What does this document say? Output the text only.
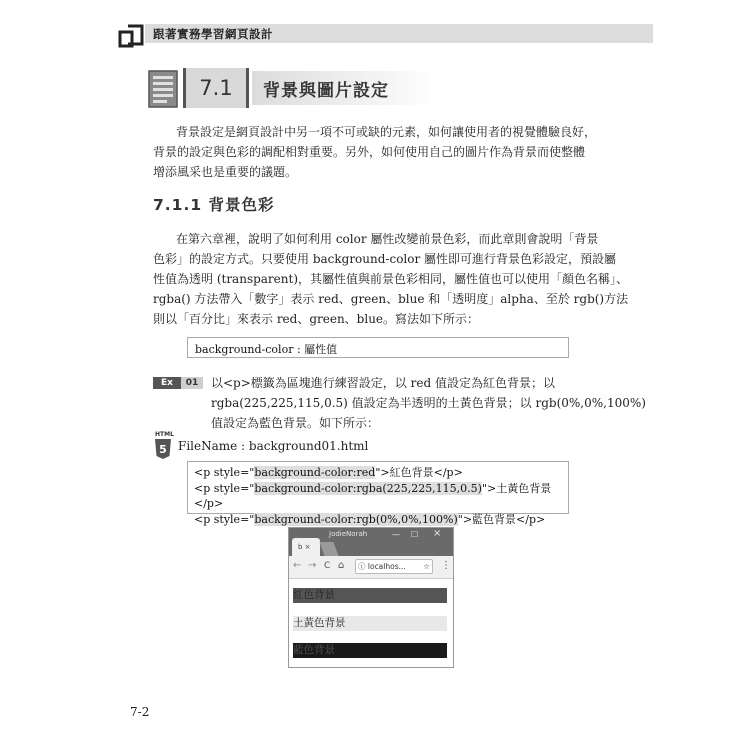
跟著實務學習網頁設計
7.1	背景與圖片設定
背景設定是網頁設計中另一項不可或缺的元素，如何讓使用者的視覺體驗良好，
背景的設定與色彩的調配相對重要。另外，如何使用自己的圖片作為背景而使整體
增添風采也是重要的議題。
7.1.1 背景色彩
在第六章裡，說明了如何利用 color 屬性改變前景色彩，而此章則會說明「背景
色彩」的設定方式。只要使用 background-color 屬性即可進行背景色彩設定，預設屬
性值為透明 (transparent)，其屬性值與前景色彩相同，屬性值也可以使用「顏色名稱」、
rgba() 方法帶入「數字」表示 red、green、blue 和「透明度」alpha、至於 rgb()方法
則以「百分比」來表示 red、green、blue。寫法如下所示：
background-color : 屬性值
Ex	01	以<p>標籤為區塊進行練習設定，以 red 值設定為紅色背景；以
rgba(225,225,115,0.5) 值設定為半透明的土黃色背景；以 rgb(0%,0%,100%)
值設定為藍色背景。如下所示：
HTML
5 FileName : background01.html
<p style="background-color:red">紅色背景</p>
<p style="background-color:rgba(225,225,115,0.5)">土黃色背景</p>
<p style="background-color:rgb(0%,0%,100%)">藍色背景</p>
JodieNorah	— ☐ ×
b ×
← → C ⌂	ⓘ localhos... ☆ ⋮
紅色背景
土黃色背景
藍色背景
7-2
